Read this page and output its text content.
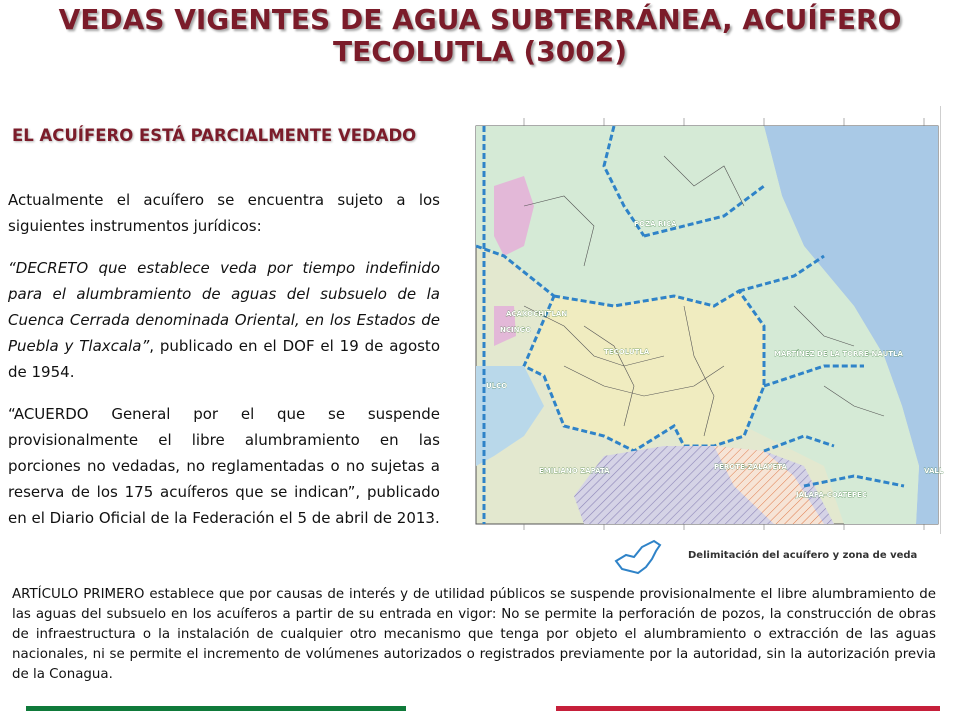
VEDAS VIGENTES DE AGUA SUBTERRÁNEA, ACUÍFERO TECOLUTLA (3002)
EL ACUÍFERO ESTÁ PARCIALMENTE VEDADO

Actualmente el acuífero se encuentra sujeto a los siguientes instrumentos jurídicos:

“DECRETO que establece veda por tiempo indefinido para el alumbramiento de aguas del subsuelo de la Cuenca Cerrada denominada Oriental, en los Estados de Puebla y Tlaxcala”, publicado en el DOF el 19 de agosto de 1954.

“ACUERDO General por el que se suspende provisionalmente el libre alumbramiento en las porciones no vedadas, no reglamentadas o no sujetas a reserva de los 175 acuíferos que se indican”, publicado en el Diario Oficial de la Federación el 5 de abril de 2013.

POZA RICA
ACAXOCHITLAN
NCINGO
TECOLUTLA	MARTÍNEZ DE LA TORRE-NAUTLA
ULCO
EMILIANO ZAPATA	PEROTE-ZALAYETA
JALAPA-COATEPEC
VALL
Delimitación del acuífero y zona de veda

ARTÍCULO PRIMERO establece que por causas de interés y de utilidad públicos se suspende provisionalmente el libre alumbramiento de las aguas del subsuelo en los acuíferos a partir de su entrada en vigor: No se permite la perforación de pozos, la construcción de obras de infraestructura o la instalación de cualquier otro mecanismo que tenga por objeto el alumbramiento o extracción de las aguas nacionales, ni se permite el incremento de volúmenes autorizados o registrados previamente por la autoridad, sin la autorización previa de la Conagua.
